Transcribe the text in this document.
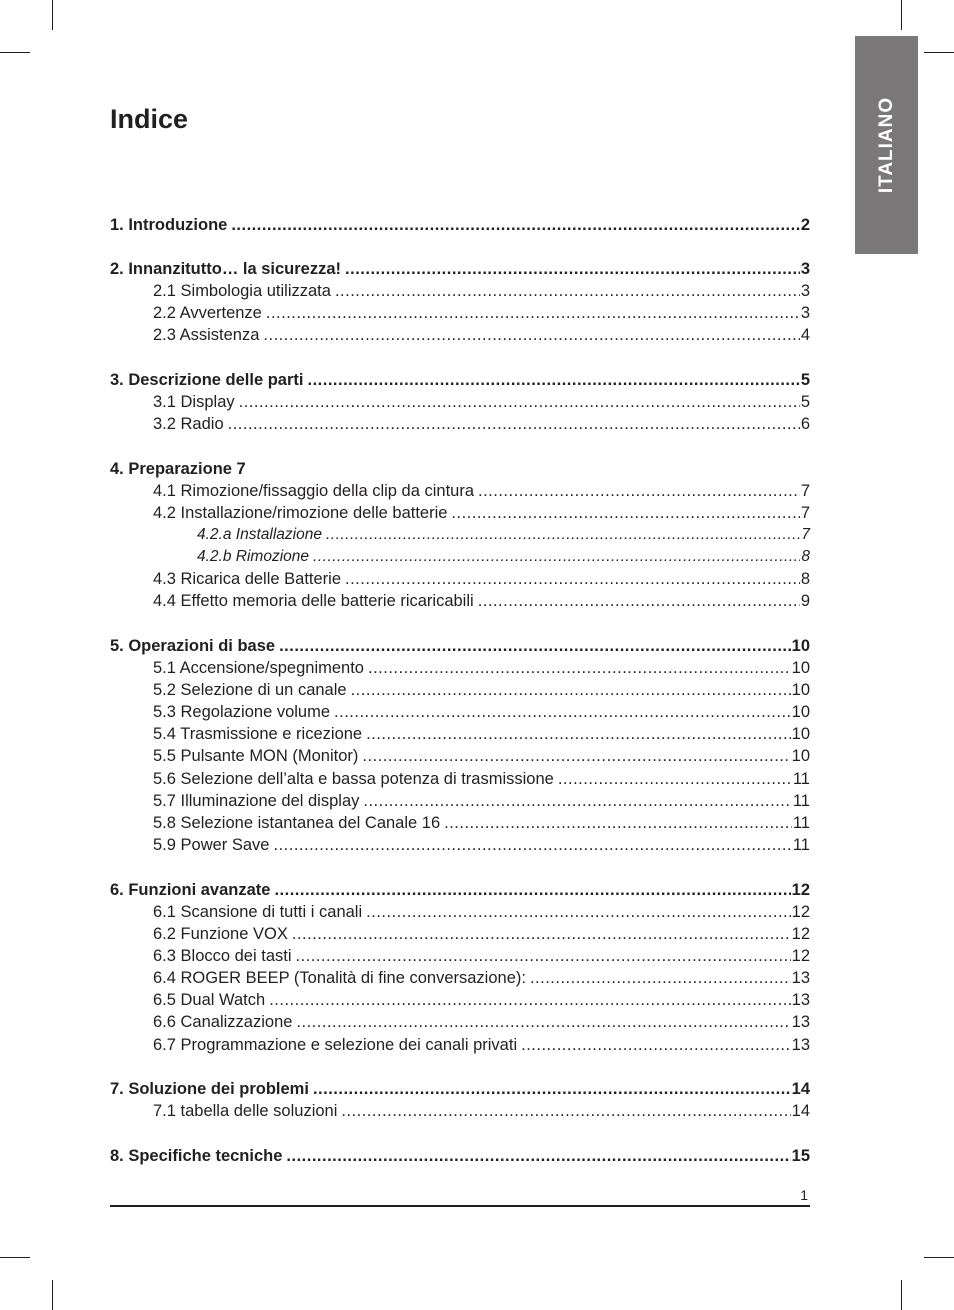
ITALIANO
Indice
1. Introduzione .....	2
2. Innanzitutto… la sicurezza! .....	3
2.1 Simbologia utilizzata .....	3
2.2 Avvertenze .....	3
2.3 Assistenza .....	4
3. Descrizione delle parti .....	5
3.1 Display .....	5
3.2 Radio .....	6
4. Preparazione 7
4.1 Rimozione/fissaggio della clip da cintura .....	7
4.2 Installazione/rimozione delle batterie .....	7
4.2.a Installazione .....	7
4.2.b Rimozione .....	8
4.3 Ricarica delle Batterie .....	8
4.4 Effetto memoria delle batterie ricaricabili .....	9
5. Operazioni di base .....	10
5.1 Accensione/spegnimento .....	10
5.2 Selezione di un canale .....	10
5.3 Regolazione volume .....	10
5.4 Trasmissione e ricezione .....	10
5.5 Pulsante MON (Monitor) .....	10
5.6 Selezione dell’alta e bassa potenza di trasmissione .....	11
5.7 Illuminazione del display .....	11
5.8 Selezione istantanea del Canale 16 .....	11
5.9 Power Save .....	11
6. Funzioni avanzate .....	12
6.1 Scansione di tutti i canali .....	12
6.2 Funzione VOX .....	12
6.3 Blocco dei tasti .....	12
6.4 ROGER BEEP (Tonalità di fine conversazione): .....	13
6.5 Dual Watch .....	13
6.6 Canalizzazione .....	13
6.7 Programmazione e selezione dei canali privati .....	13
7. Soluzione dei problemi .....	14
7.1 tabella delle soluzioni .....	14
8. Specifiche tecniche .....	15
1
